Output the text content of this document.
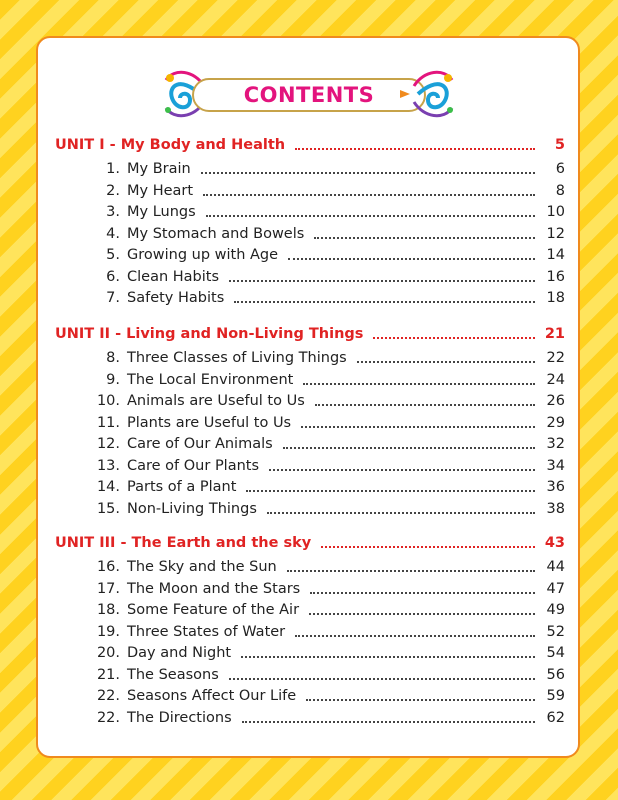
CONTENTS
UNIT I - My Body and Health	5
1. My Brain	6
2. My Heart	8
3. My Lungs	10
4. My Stomach and Bowels	12
5. Growing up with Age	14
6. Clean Habits	16
7. Safety Habits	18
UNIT II - Living and Non-Living Things	21
8. Three Classes of Living Things	22
9. The Local Environment	24
10. Animals are Useful to Us	26
11. Plants are Useful to Us	29
12. Care of Our Animals	32
13. Care of Our Plants	34
14. Parts of a Plant	36
15. Non-Living Things	38
UNIT III - The Earth and the sky	43
16. The Sky and the Sun	44
17. The Moon and the Stars	47
18. Some Feature of the Air	49
19. Three States of Water	52
20. Day and Night	54
21. The Seasons	56
22. Seasons Affect Our Life	59
22. The Directions	62
